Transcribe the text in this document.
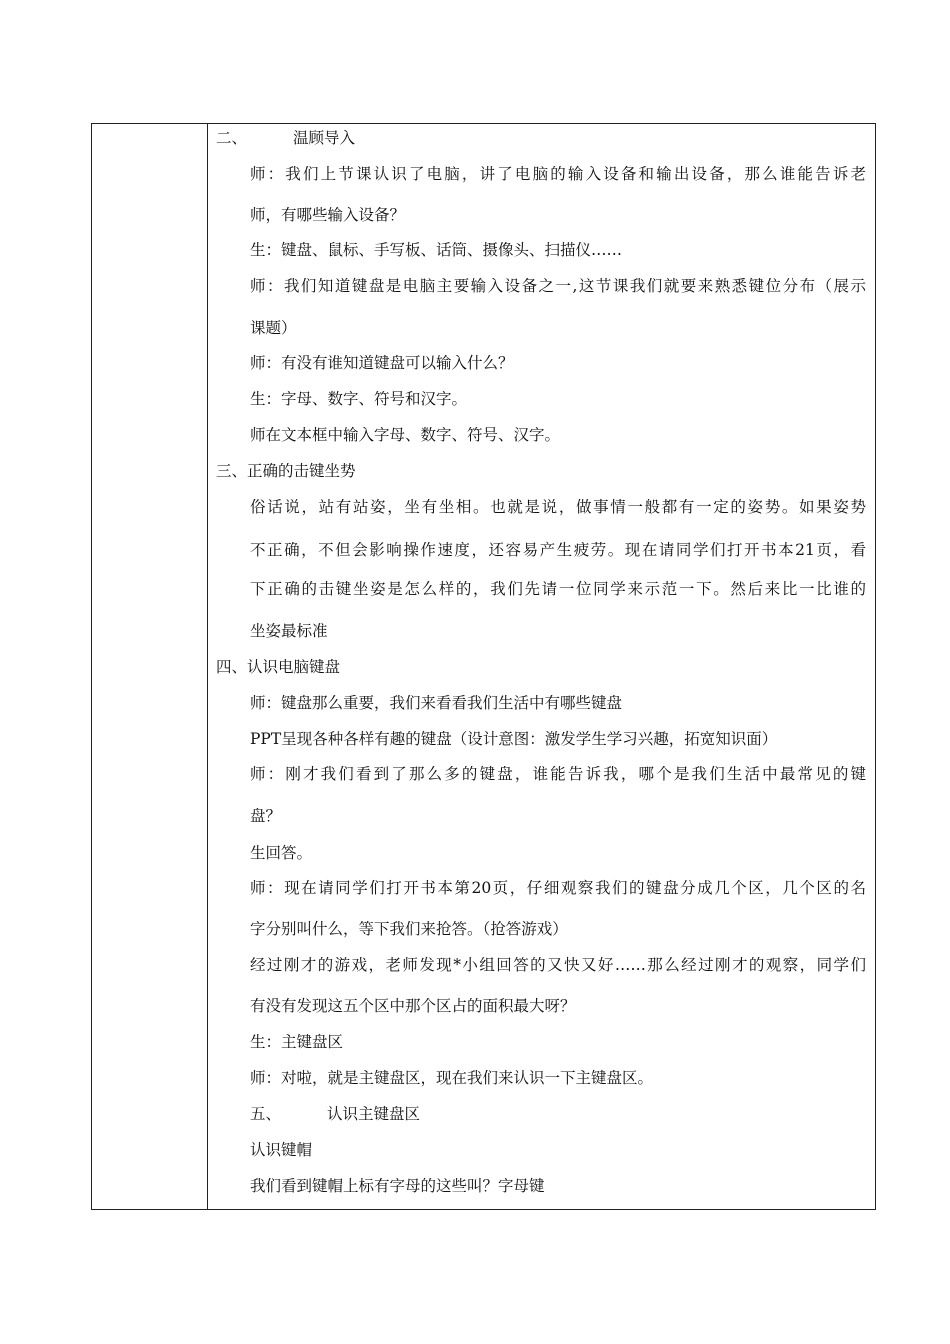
二、	温顾导入
师：我们上节课认识了电脑，讲了电脑的输入设备和输出设备，那么谁能告诉老
师，有哪些输入设备？
生：键盘、鼠标、手写板、话筒、摄像头、扫描仪……
师：我们知道键盘是电脑主要输入设备之一,这节课我们就要来熟悉键位分布（展示
课题）
师：有没有谁知道键盘可以输入什么？
生：字母、数字、符号和汉字。
师在文本框中输入字母、数字、符号、汉字。
三、正确的击键坐势
俗话说，站有站姿，坐有坐相。也就是说，做事情一般都有一定的姿势。如果姿势
不正确，不但会影响操作速度，还容易产生疲劳。现在请同学们打开书本21页，看
下正确的击键坐姿是怎么样的，我们先请一位同学来示范一下。然后来比一比谁的
坐姿最标准
四、认识电脑键盘
师：键盘那么重要，我们来看看我们生活中有哪些键盘
PPT呈现各种各样有趣的键盘（设计意图：激发学生学习兴趣，拓宽知识面）
师：刚才我们看到了那么多的键盘，谁能告诉我，哪个是我们生活中最常见的键
盘？
生回答。
师：现在请同学们打开书本第20页，仔细观察我们的键盘分成几个区，几个区的名
字分别叫什么，等下我们来抢答。（抢答游戏）
经过刚才的游戏，老师发现*小组回答的又快又好……那么经过刚才的观察，同学们
有没有发现这五个区中那个区占的面积最大呀？
生：主键盘区
师：对啦，就是主键盘区，现在我们来认识一下主键盘区。
五、	认识主键盘区
认识键帽
我们看到键帽上标有字母的这些叫？字母键
